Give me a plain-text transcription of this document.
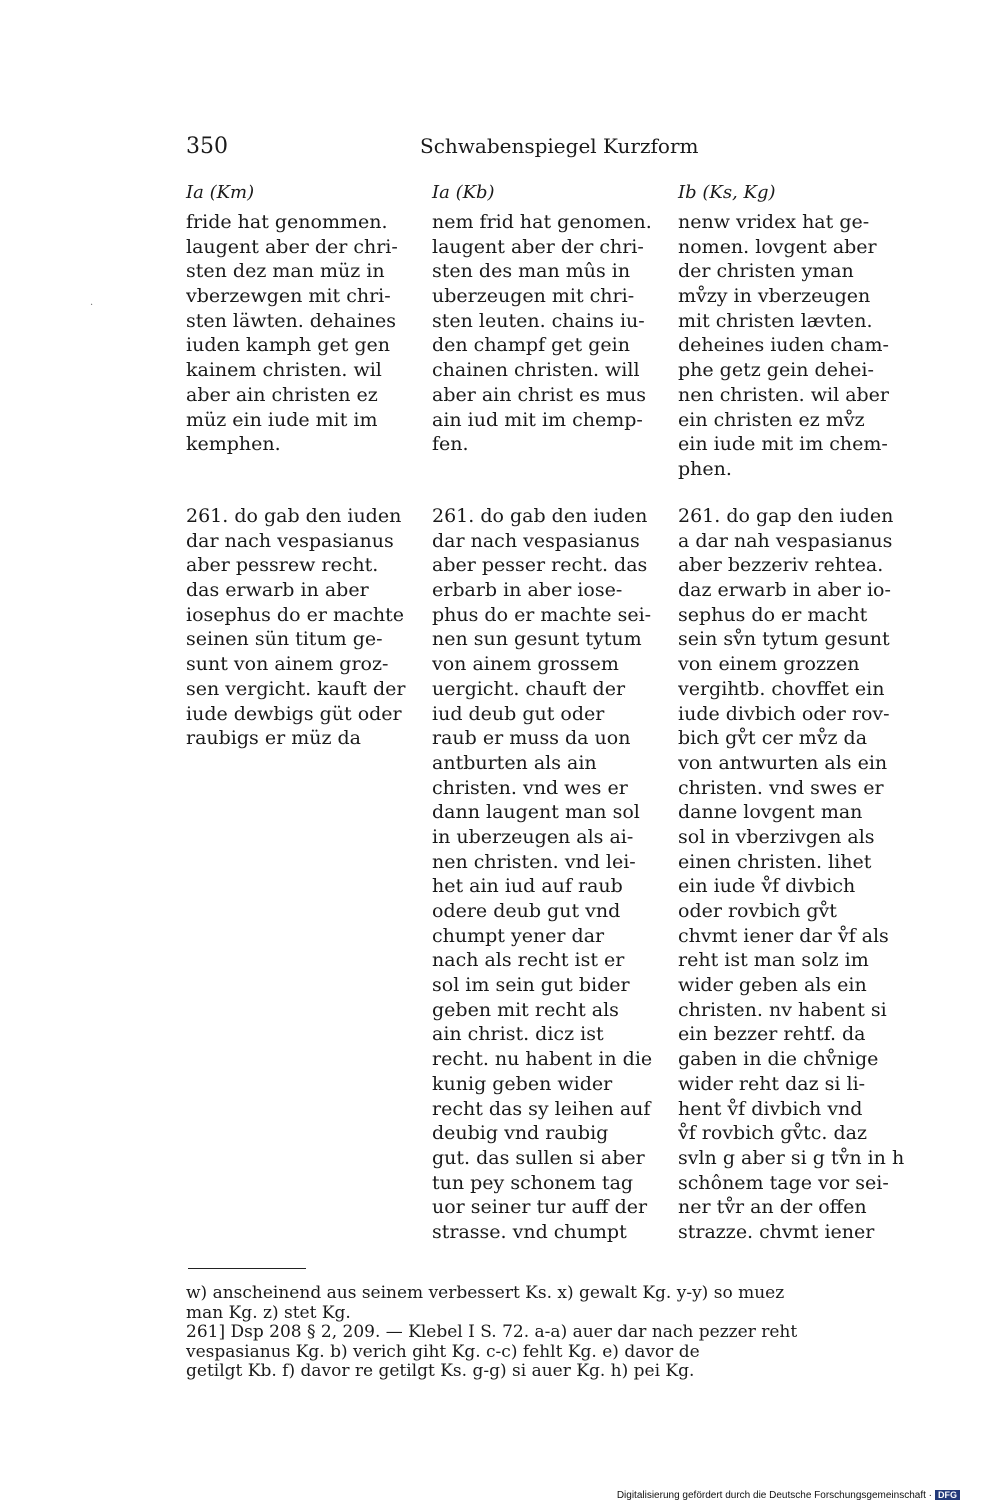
350	Schwabenspiegel Kurzform
·
Ia (Km)	Ia (Kb)	Ib (Ks, Kg)
fride hat genommen.
laugent aber der chri-
sten dez man müz in
vberzewgen mit chri-
sten läwten. dehaines
iuden kamph get gen
kainem christen. wil
aber ain christen ez
müz ein iude mit im
kemphen.
nem frid hat genomen.
laugent aber der chri-
sten des man mûs in
uberzeugen mit chri-
sten leuten. chains iu-
den champf get gein
chainen christen. will
aber ain christ es mus
ain iud mit im chemp-
fen.
nenw vridex hat ge-
nomen. lovgent aber
der christen yman
mv̊zy in vberzeugen
mit christen lævten.
deheines iuden cham-
phe getz gein dehei-
nen christen. wil aber
ein christen ez mv̊z
ein iude mit im chem-
phen.
261. do gab den iuden
dar nach vespasianus
aber pessrew recht.
das erwarb in aber
iosephus do er machte
seinen sün titum ge-
sunt von ainem groz-
sen vergicht. kauft der
iude dewbigs güt oder
raubigs er müz da
261. do gab den iuden
dar nach vespasianus
aber pesser recht. das
erbarb in aber iose-
phus do er machte sei-
nen sun gesunt tytum
von ainem grossem
uergicht. chauft der
iud deub gut oder
raub er muss da uon
antburten als ain
christen. vnd wes er
dann laugent man sol
in uberzeugen als ai-
nen christen. vnd lei-
het ain iud auf raub
odere deub gut vnd
chumpt yener dar
nach als recht ist er
sol im sein gut bider
geben mit recht als
ain christ. dicz ist
recht. nu habent in die
kunig geben wider
recht das sy leihen auf
deubig vnd raubig
gut. das sullen si aber
tun pey schonem tag
uor seiner tur auff der
strasse. vnd chumpt
261. do gap den iuden
a dar nah vespasianus
aber bezzeriv rehtea.
daz erwarb in aber io-
sephus do er macht
sein sv̊n tytum gesunt
von einem grozzen
vergihtb. chovffet ein
iude divbich oder rov-
bich gv̊t cer mv̊z da
von antwurten als ein
christen. vnd swes er
danne lovgent man
sol in vberzivgen als
einen christen. lihet
ein iude v̊f divbich
oder rovbich gv̊t
chvmt iener dar v̊f als
reht ist man solz im
wider geben als ein
christen. nv habent si
ein bezzer rehtf. da
gaben in die chv̊nige
wider reht daz si li-
hent v̊f divbich vnd
v̊f rovbich gv̊tc. daz
svln g aber si g tv̊n in h
schônem tage vor sei-
ner tv̊r an der offen
strazze. chvmt iener
w) anscheinend aus seinem verbessert Ks. x) gewalt Kg. y-y) so muez
man Kg. z) stet Kg.
261] Dsp 208 § 2, 209. — Klebel I S. 72. a-a) auer dar nach pezzer reht
vespasianus Kg. b) verich giht Kg. c-c) fehlt Kg. e) davor de
getilgt Kb. f) davor re getilgt Ks. g-g) si auer Kg. h) pei Kg.
Digitalisierung gefördert durch die Deutsche Forschungsgemeinschaft · DFG
